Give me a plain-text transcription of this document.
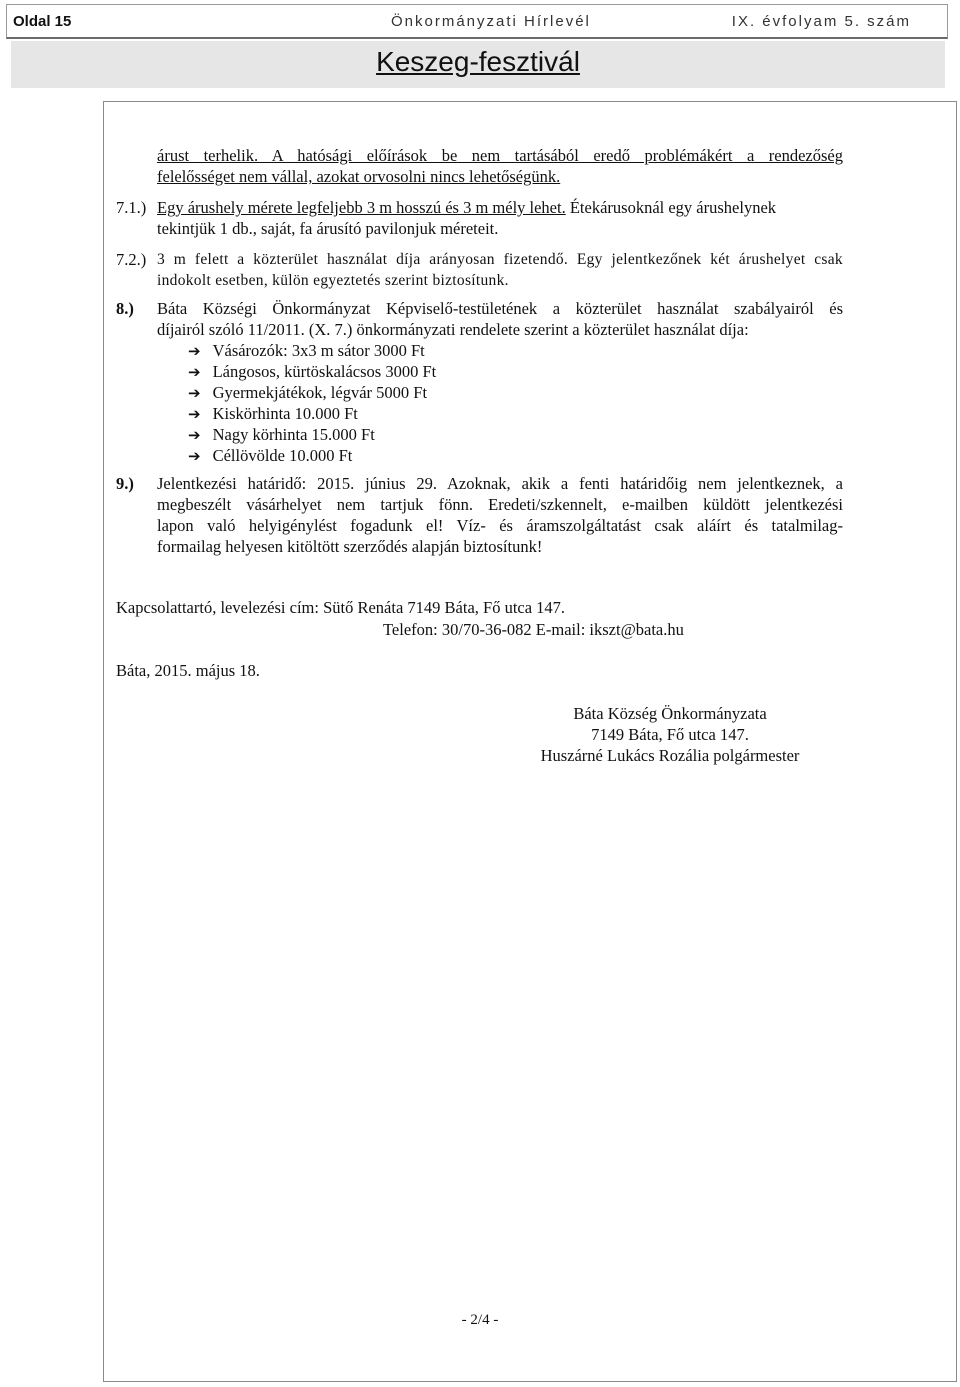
Oldal 15	Önkormányzati Hírlevél	IX. évfolyam 5. szám
Keszeg-fesztivál
árust terhelik. A hatósági előírások be nem tartásából eredő problémákért a rendezőség
felelősséget nem vállal, azokat orvosolni nincs lehetőségünk.
7.1.) Egy árushely mérete legfeljebb 3 m hosszú és 3 m mély lehet. Étekárusoknál egy árushelynek
tekintjük 1 db., saját, fa árusító pavilonjuk méreteit.
7.2.) 3 m felett a közterület használat díja arányosan fizetendő. Egy jelentkezőnek két árushelyet csak
indokolt esetben, külön egyeztetés szerint biztosítunk.
8.) Báta Községi Önkormányzat Képviselő-testületének a közterület használat szabályairól és
díjairól szóló 11/2011. (X. 7.) önkormányzati rendelete szerint a közterület használat díja:
➔ Vásározók: 3x3 m sátor 3000 Ft
➔ Lángosos, kürtöskalácsos 3000 Ft
➔ Gyermekjátékok, légvár 5000 Ft
➔ Kiskörhinta 10.000 Ft
➔ Nagy körhinta 15.000 Ft
➔ Céllövölde 10.000 Ft
9.) Jelentkezési határidő: 2015. június 29. Azoknak, akik a fenti határidőig nem jelentkeznek, a
megbeszélt vásárhelyet nem tartjuk fönn. Eredeti/szkennelt, e-mailben küldött jelentkezési
lapon való helyigénylést fogadunk el! Víz- és áramszolgáltatást csak aláírt és tatalmilag-
formailag helyesen kitöltött szerződés alapján biztosítunk!
Kapcsolattartó, levelezési cím: Sütő Renáta 7149 Báta, Fő utca 147.
Telefon: 30/70-36-082 E-mail: ikszt@bata.hu
Báta, 2015. május 18.
Báta Község Önkormányzata
7149 Báta, Fő utca 147.
Huszárné Lukács Rozália polgármester
- 2/4 -
